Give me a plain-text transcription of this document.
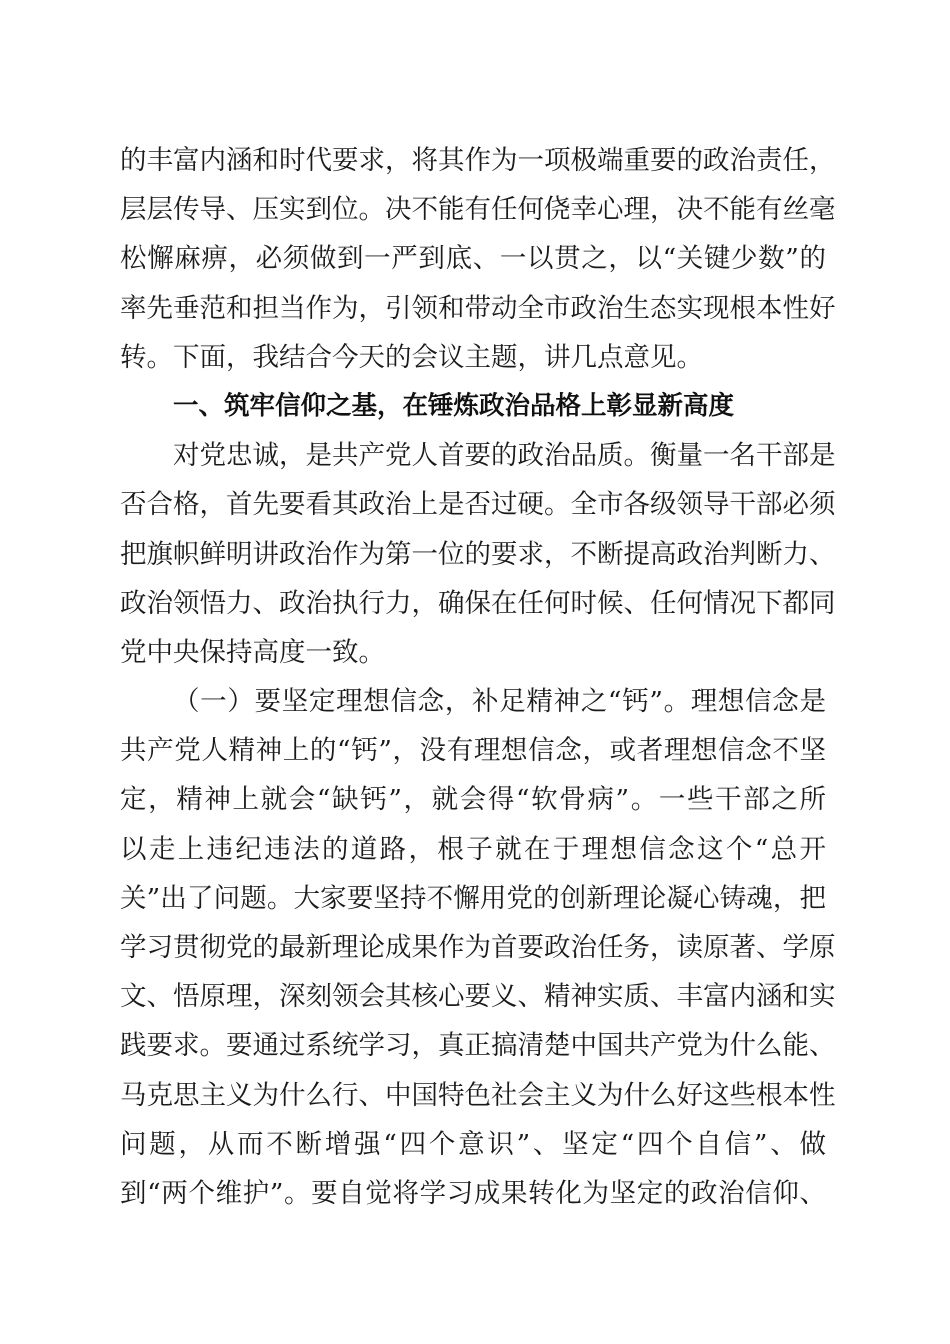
的丰富内涵和时代要求，将其作为一项极端重要的政治责任，
层层传导、压实到位。决不能有任何侥幸心理，决不能有丝毫
松懈麻痹，必须做到一严到底、一以贯之，以“关键少数”的
率先垂范和担当作为，引领和带动全市政治生态实现根本性好
转。下面，我结合今天的会议主题，讲几点意见。
一、筑牢信仰之基，在锤炼政治品格上彰显新高度
对党忠诚，是共产党人首要的政治品质。衡量一名干部是
否合格，首先要看其政治上是否过硬。全市各级领导干部必须
把旗帜鲜明讲政治作为第一位的要求，不断提高政治判断力、
政治领悟力、政治执行力，确保在任何时候、任何情况下都同
党中央保持高度一致。
（一）要坚定理想信念，补足精神之“钙”。理想信念是
共产党人精神上的“钙”，没有理想信念，或者理想信念不坚
定，精神上就会“缺钙”，就会得“软骨病”。一些干部之所
以走上违纪违法的道路，根子就在于理想信念这个“总开
关”出了问题。大家要坚持不懈用党的创新理论凝心铸魂，把
学习贯彻党的最新理论成果作为首要政治任务，读原著、学原
文、悟原理，深刻领会其核心要义、精神实质、丰富内涵和实
践要求。要通过系统学习，真正搞清楚中国共产党为什么能、
马克思主义为什么行、中国特色社会主义为什么好这些根本性
问题，从而不断增强“四个意识”、坚定“四个自信”、做
到“两个维护”。要自觉将学习成果转化为坚定的政治信仰、
